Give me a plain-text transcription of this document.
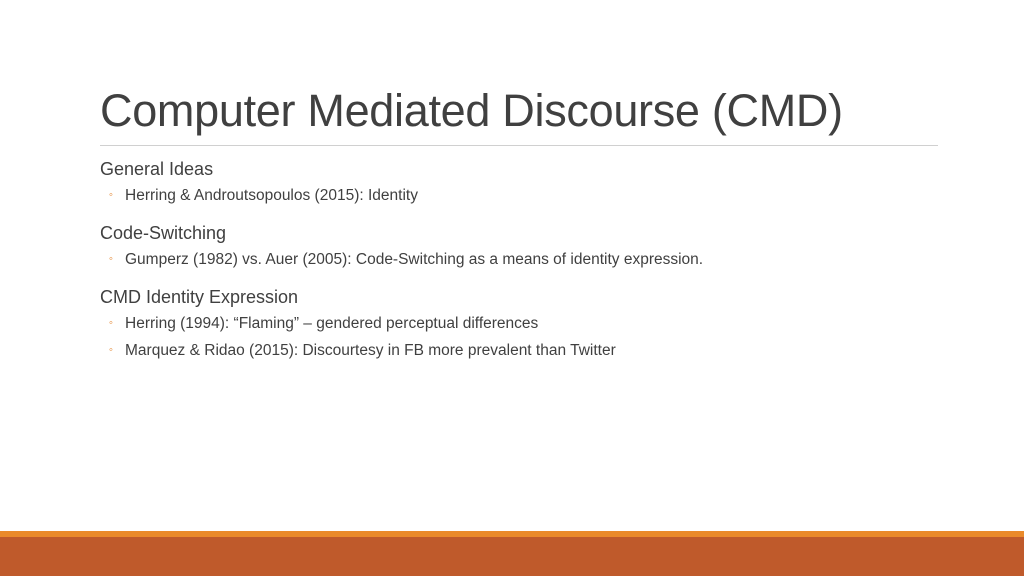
Computer Mediated Discourse (CMD)
General Ideas
◦ Herring & Androutsopoulos (2015): Identity
Code-Switching
◦ Gumperz (1982) vs. Auer (2005): Code-Switching as a means of identity expression.
CMD Identity Expression
◦ Herring (1994): “Flaming” – gendered perceptual differences
◦ Marquez & Ridao (2015): Discourtesy in FB more prevalent than Twitter
